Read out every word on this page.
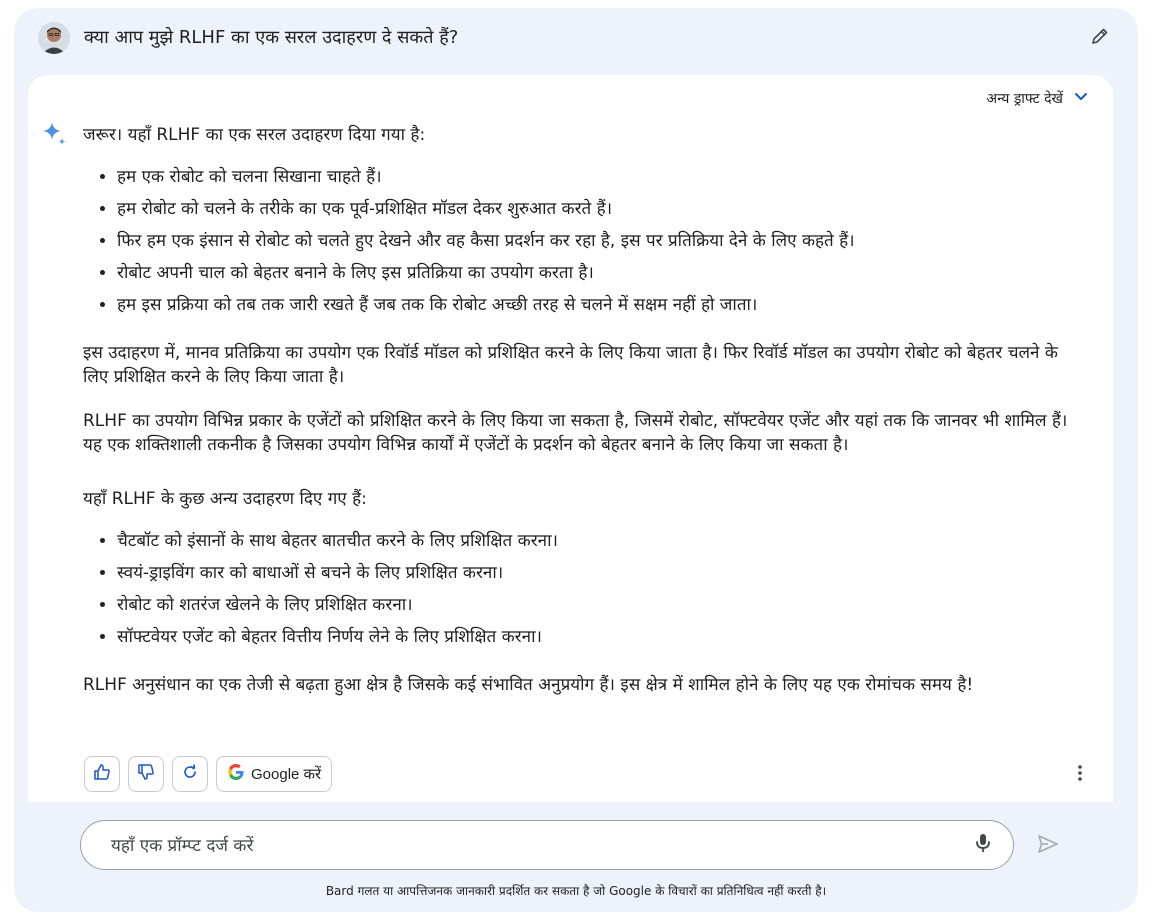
क्या आप मुझे RLHF का एक सरल उदाहरण दे सकते हैं?
अन्य ड्राफ्ट देखें

जरूर। यहाँ RLHF का एक सरल उदाहरण दिया गया है:

• हम एक रोबोट को चलना सिखाना चाहते हैं।
• हम रोबोट को चलने के तरीके का एक पूर्व-प्रशिक्षित मॉडल देकर शुरुआत करते हैं।
• फिर हम एक इंसान से रोबोट को चलते हुए देखने और वह कैसा प्रदर्शन कर रहा है, इस पर प्रतिक्रिया देने के लिए कहते हैं।
• रोबोट अपनी चाल को बेहतर बनाने के लिए इस प्रतिक्रिया का उपयोग करता है।
• हम इस प्रक्रिया को तब तक जारी रखते हैं जब तक कि रोबोट अच्छी तरह से चलने में सक्षम नहीं हो जाता।

इस उदाहरण में, मानव प्रतिक्रिया का उपयोग एक रिवॉर्ड मॉडल को प्रशिक्षित करने के लिए किया जाता है। फिर रिवॉर्ड मॉडल का उपयोग रोबोट को बेहतर चलने के लिए प्रशिक्षित करने के लिए किया जाता है।

RLHF का उपयोग विभिन्न प्रकार के एजेंटों को प्रशिक्षित करने के लिए किया जा सकता है, जिसमें रोबोट, सॉफ्टवेयर एजेंट और यहां तक कि जानवर भी शामिल हैं। यह एक शक्तिशाली तकनीक है जिसका उपयोग विभिन्न कार्यों में एजेंटों के प्रदर्शन को बेहतर बनाने के लिए किया जा सकता है।

यहाँ RLHF के कुछ अन्य उदाहरण दिए गए हैं:

• चैटबॉट को इंसानों के साथ बेहतर बातचीत करने के लिए प्रशिक्षित करना।
• स्वयं-ड्राइविंग कार को बाधाओं से बचने के लिए प्रशिक्षित करना।
• रोबोट को शतरंज खेलने के लिए प्रशिक्षित करना।
• सॉफ्टवेयर एजेंट को बेहतर वित्तीय निर्णय लेने के लिए प्रशिक्षित करना।

RLHF अनुसंधान का एक तेजी से बढ़ता हुआ क्षेत्र है जिसके कई संभावित अनुप्रयोग हैं। इस क्षेत्र में शामिल होने के लिए यह एक रोमांचक समय है!

Google करें
यहाँ एक प्रॉम्प्ट दर्ज करें
Bard गलत या आपत्तिजनक जानकारी प्रदर्शित कर सकता है जो Google के विचारों का प्रतिनिधित्व नहीं करती है।
